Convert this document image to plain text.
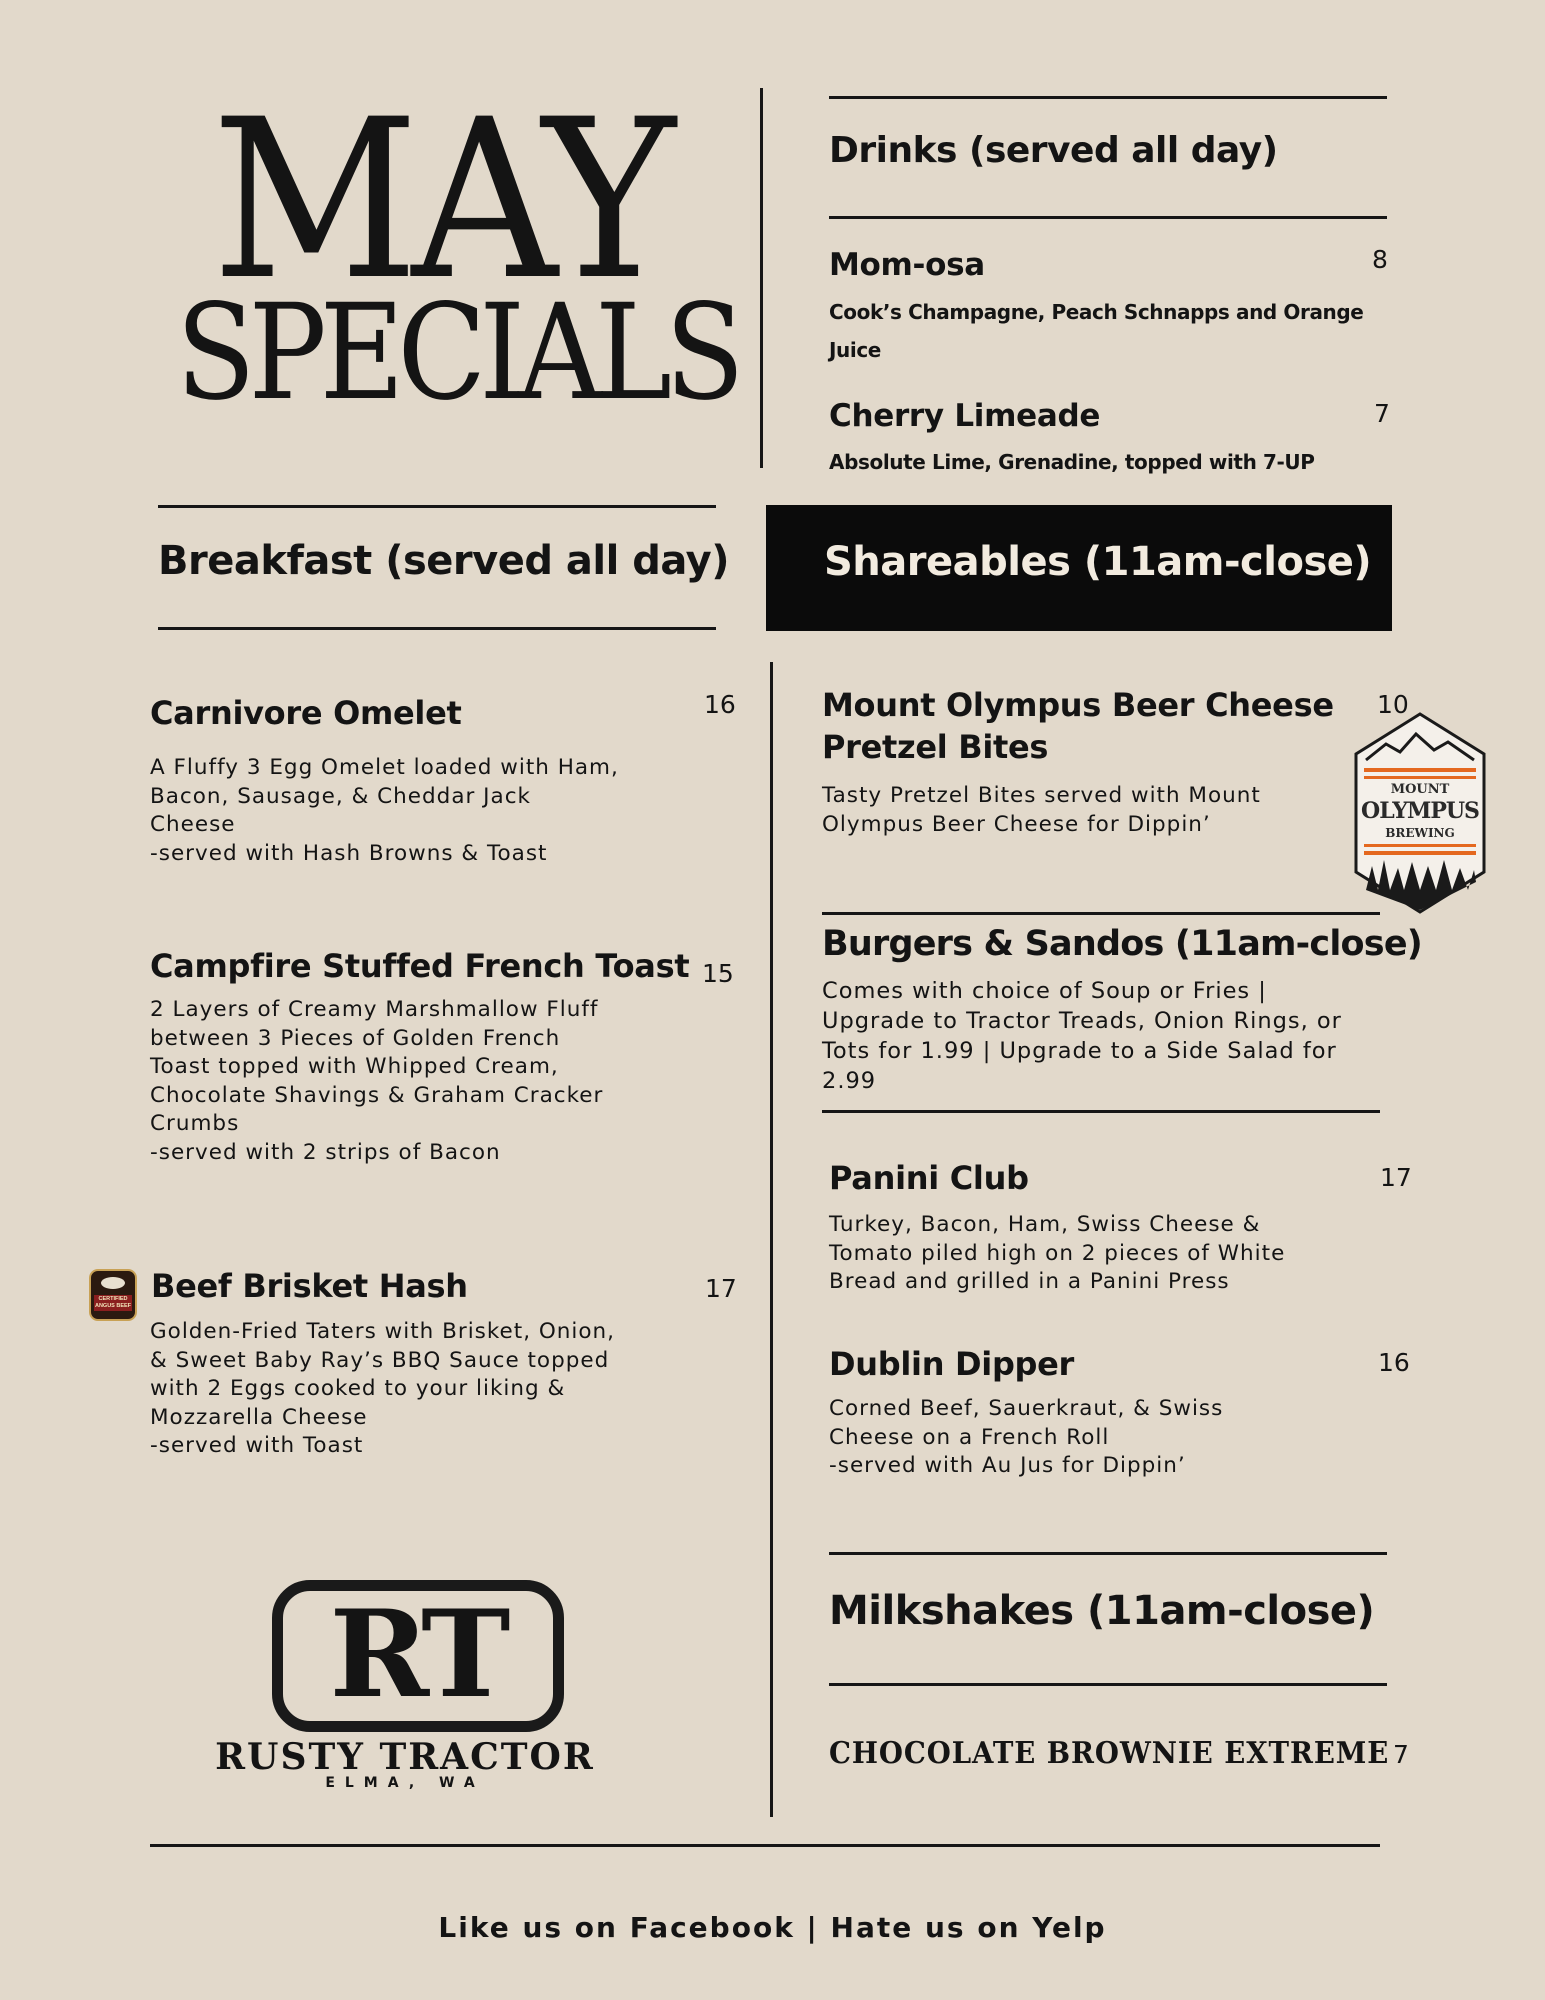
MAY
SPECIALS
Drinks (served all day)
Mom-osa	8
Cook’s Champagne, Peach Schnapps and Orange
Juice
Cherry Limeade	7
Absolute Lime, Grenadine, topped with 7-UP
Breakfast (served all day) Shareables (11am-close)
Carnivore Omelet	16
A Fluffy 3 Egg Omelet loaded with Ham,
Bacon, Sausage, & Cheddar Jack
Cheese
-served with Hash Browns & Toast
Campfire Stuffed French Toast 15
2 Layers of Creamy Marshmallow Fluff
between 3 Pieces of Golden French
Toast topped with Whipped Cream,
Chocolate Shavings & Graham Cracker
Crumbs
-served with 2 strips of Bacon
CERTIFIED
ANGUS BEEF
Beef Brisket Hash	17
Golden-Fried Taters with Brisket, Onion,
& Sweet Baby Ray’s BBQ Sauce topped
with 2 Eggs cooked to your liking &
Mozzarella Cheese
-served with Toast
RT
RUSTY TRACTOR
ELMA, WA
Mount Olympus Beer Cheese
Pretzel Bites
10
Tasty Pretzel Bites served with Mount
Olympus Beer Cheese for Dippin’
MOUNT
OLYMPUS
BREWING
Burgers & Sandos (11am-close)
Comes with choice of Soup or Fries |
Upgrade to Tractor Treads, Onion Rings, or
Tots for 1.99 | Upgrade to a Side Salad for
2.99
Panini Club	17
Turkey, Bacon, Ham, Swiss Cheese &
Tomato piled high on 2 pieces of White
Bread and grilled in a Panini Press
Dublin Dipper	16
Corned Beef, Sauerkraut, & Swiss
Cheese on a French Roll
-served with Au Jus for Dippin’
Milkshakes (11am-close)
CHOCOLATE BROWNIE EXTREME 7
Like us on Facebook | Hate us on Yelp
